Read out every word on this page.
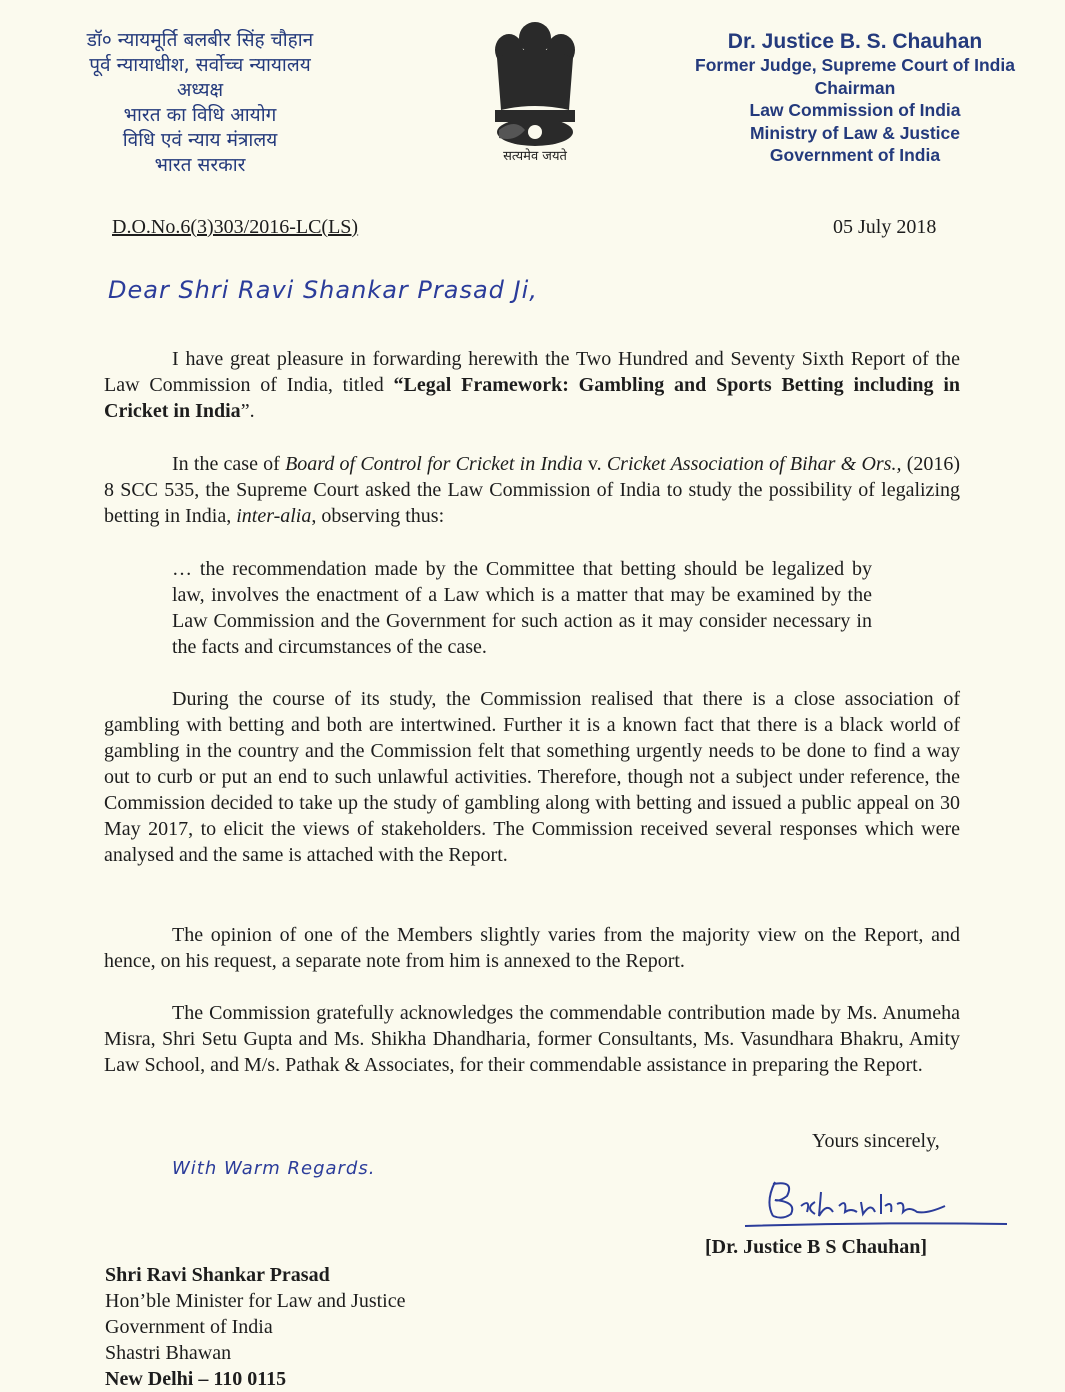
डॉ० न्यायमूर्ति बलबीर सिंह चौहान
पूर्व न्यायाधीश, सर्वोच्च न्यायालय
अध्यक्ष
भारत का विधि आयोग
विधि एवं न्याय मंत्रालय
भारत सरकार	सत्यमेव जयते
Dr. Justice B. S. Chauhan
Former Judge, Supreme Court of India
Chairman
Law Commission of India
Ministry of Law & Justice
Government of India
D.O.No.6(3)303/2016-LC(LS)	05 July 2018
Dear Shri Ravi Shankar Prasad Ji,

I have great pleasure in forwarding herewith the Two Hundred and Seventy Sixth Report of the Law Commission of India, titled “Legal Framework: Gambling and Sports Betting including in Cricket in India”.

In the case of Board of Control for Cricket in India v. Cricket Association of Bihar & Ors., (2016) 8 SCC 535, the Supreme Court asked the Law Commission of India to study the possibility of legalizing betting in India, inter-alia, observing thus:

… the recommendation made by the Committee that betting should be legalized by law, involves the enactment of a Law which is a matter that may be examined by the Law Commission and the Government for such action as it may consider necessary in the facts and circumstances of the case.

During the course of its study, the Commission realised that there is a close association of gambling with betting and both are intertwined. Further it is a known fact that there is a black world of gambling in the country and the Commission felt that something urgently needs to be done to find a way out to curb or put an end to such unlawful activities. Therefore, though not a subject under reference, the Commission decided to take up the study of gambling along with betting and issued a public appeal on 30 May 2017, to elicit the views of stakeholders. The Commission received several responses which were analysed and the same is attached with the Report.

The opinion of one of the Members slightly varies from the majority view on the Report, and hence, on his request, a separate note from him is annexed to the Report.

The Commission gratefully acknowledges the commendable contribution made by Ms. Anumeha Misra, Shri Setu Gupta and Ms. Shikha Dhandharia, former Consultants, Ms. Vasundhara Bhakru, Amity Law School, and M/s. Pathak & Associates, for their commendable assistance in preparing the Report.

Yours sincerely,
With Warm Regards.
[Dr. Justice B S Chauhan]
Shri Ravi Shankar Prasad
Hon’ble Minister for Law and Justice
Government of India
Shastri Bhawan
New Delhi – 110 0115
